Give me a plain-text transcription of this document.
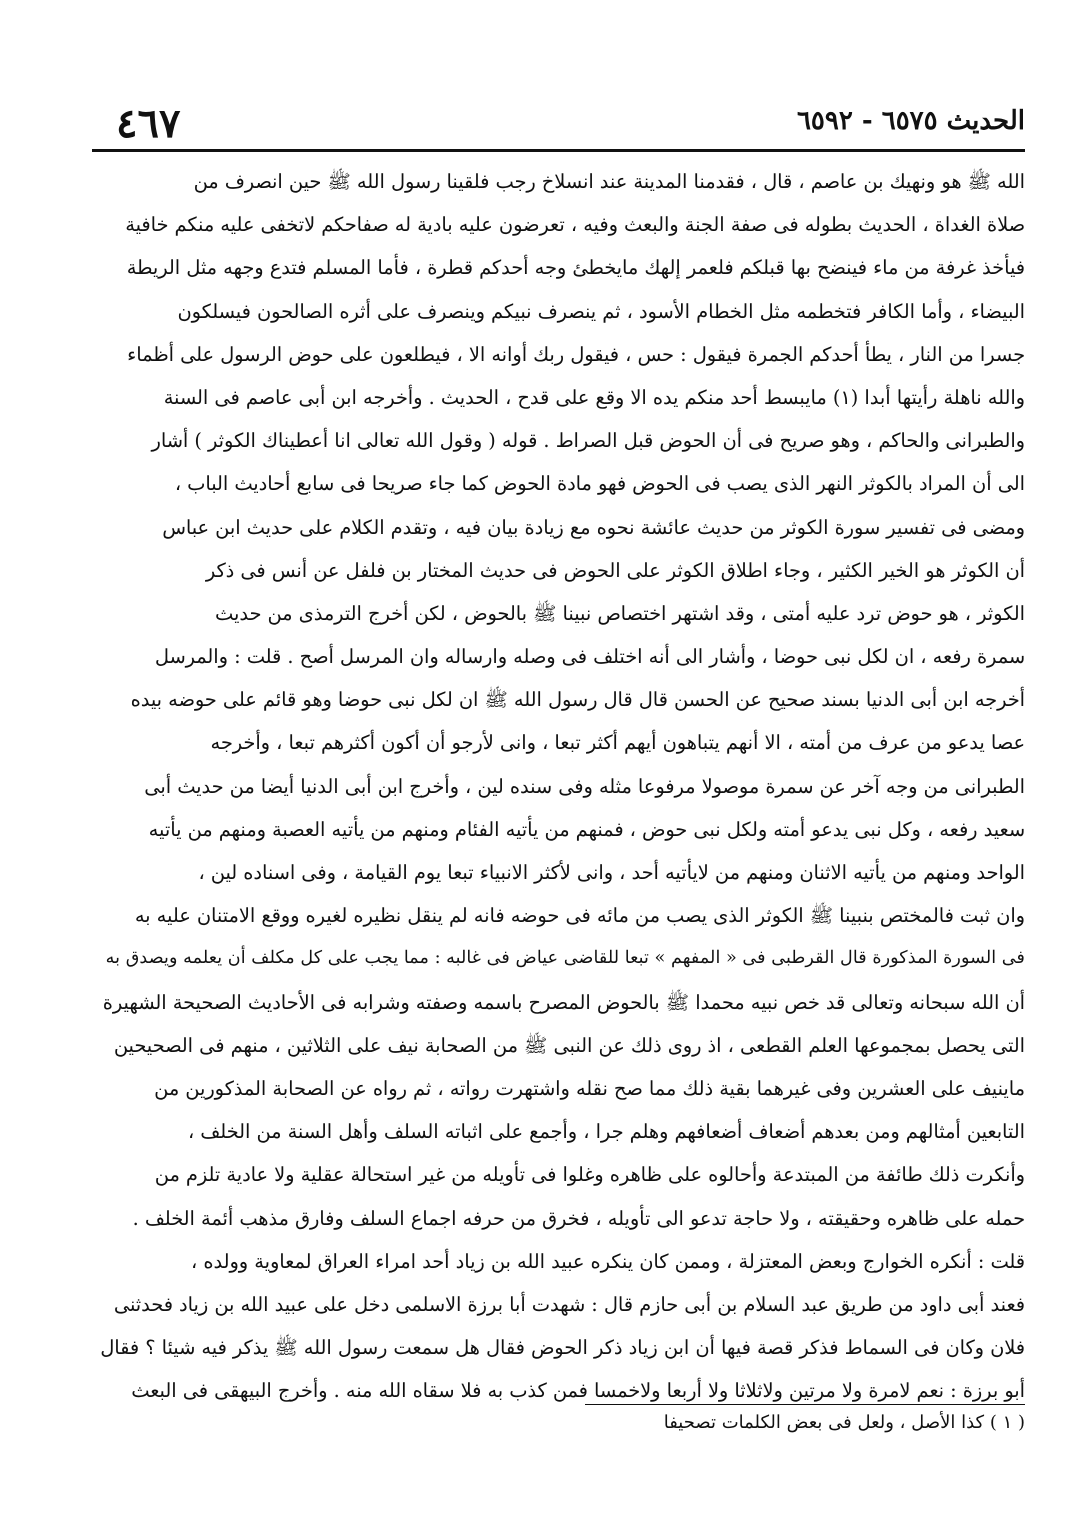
الحديث ٦٥٧٥ - ٦٥٩٢
٤٦٧
الله ﷺ هو ونهيك بن عاصم ، قال ، فقدمنا المدينة عند انسلاخ رجب فلقينا رسول الله ﷺ حين انصرف من
صلاة الغداة ، الحديث بطوله فى صفة الجنة والبعث وفيه ، تعرضون عليه بادية له صفاحكم لاتخفى عليه منكم خافية
فيأخذ غرفة من ماء فينضح بها قبلكم فلعمر إلهك مايخطئ وجه أحدكم قطرة ، فأما المسلم فتدع وجهه مثل الريطة
البيضاء ، وأما الكافر فتخطمه مثل الخطام الأسود ، ثم ينصرف نبيكم وينصرف على أثره الصالحون فيسلكون
جسرا من النار ، يطأ أحدكم الجمرة فيقول : حس ، فيقول ربك أوانه الا ، فيطلعون على حوض الرسول على أظماء
والله ناهلة رأيتها أبدا (١) مايبسط أحد منكم يده الا وقع على قدح ، الحديث . وأخرجه ابن أبى عاصم فى السنة
والطبرانى والحاكم ، وهو صريح فى أن الحوض قبل الصراط . قوله ( وقول الله تعالى انا أعطيناك الكوثر ) أشار
الى أن المراد بالكوثر النهر الذى يصب فى الحوض فهو مادة الحوض كما جاء صريحا فى سابع أحاديث الباب ،
ومضى فى تفسير سورة الكوثر من حديث عائشة نحوه مع زيادة بيان فيه ، وتقدم الكلام على حديث ابن عباس
أن الكوثر هو الخير الكثير ، وجاء اطلاق الكوثر على الحوض فى حديث المختار بن فلفل عن أنس فى ذكر
الكوثر ، هو حوض ترد عليه أمتى ، وقد اشتهر اختصاص نبينا ﷺ بالحوض ، لكن أخرج الترمذى من حديث
سمرة رفعه ، ان لكل نبى حوضا ، وأشار الى أنه اختلف فى وصله وارساله وان المرسل أصح . قلت : والمرسل
أخرجه ابن أبى الدنيا بسند صحيح عن الحسن قال قال رسول الله ﷺ ان لكل نبى حوضا وهو قائم على حوضه بيده
عصا يدعو من عرف من أمته ، الا أنهم يتباهون أيهم أكثر تبعا ، وانى لأرجو أن أكون أكثرهم تبعا ، وأخرجه
الطبرانى من وجه آخر عن سمرة موصولا مرفوعا مثله وفى سنده لين ، وأخرج ابن أبى الدنيا أيضا من حديث أبى
سعيد رفعه ، وكل نبى يدعو أمته ولكل نبى حوض ، فمنهم من يأتيه الفئام ومنهم من يأتيه العصبة ومنهم من يأتيه
الواحد ومنهم من يأتيه الاثنان ومنهم من لايأتيه أحد ، وانى لأكثر الانبياء تبعا يوم القيامة ، وفى اسناده لين ،
وان ثبت فالمختص بنبينا ﷺ الكوثر الذى يصب من مائه فى حوضه فانه لم ينقل نظيره لغيره ووقع الامتنان عليه به
فى السورة المذكورة قال القرطبى فى « المفهم » تبعا للقاضى عياض فى غالبه : مما يجب على كل مكلف أن يعلمه ويصدق به
أن الله سبحانه وتعالى قد خص نبيه محمدا ﷺ بالحوض المصرح باسمه وصفته وشرابه فى الأحاديث الصحيحة الشهيرة
التى يحصل بمجموعها العلم القطعى ، اذ روى ذلك عن النبى ﷺ من الصحابة نيف على الثلاثين ، منهم فى الصحيحين
ماينيف على العشرين وفى غيرهما بقية ذلك مما صح نقله واشتهرت رواته ، ثم رواه عن الصحابة المذكورين من
التابعين أمثالهم ومن بعدهم أضعاف أضعافهم وهلم جرا ، وأجمع على اثباته السلف وأهل السنة من الخلف ،
وأنكرت ذلك طائفة من المبتدعة وأحالوه على ظاهره وغلوا فى تأويله من غير استحالة عقلية ولا عادية تلزم من
حمله على ظاهره وحقيقته ، ولا حاجة تدعو الى تأويله ، فخرق من حرفه اجماع السلف وفارق مذهب أئمة الخلف .
قلت : أنكره الخوارج وبعض المعتزلة ، وممن كان ينكره عبيد الله بن زياد أحد امراء العراق لمعاوية وولده ،
فعند أبى داود من طريق عبد السلام بن أبى حازم قال : شهدت أبا برزة الاسلمى دخل على عبيد الله بن زياد فحدثنى
فلان وكان فى السماط فذكر قصة فيها أن ابن زياد ذكر الحوض فقال هل سمعت رسول الله ﷺ يذكر فيه شيئا ؟ فقال
أبو برزة : نعم لامرة ولا مرتين ولاثلاثا ولا أربعا ولاخمسا فمن كذب به فلا سقاه الله منه . وأخرج البيهقى فى البعث
( ١ ) كذا الأصل ، ولعل فى بعض الكلمات تصحيفا
